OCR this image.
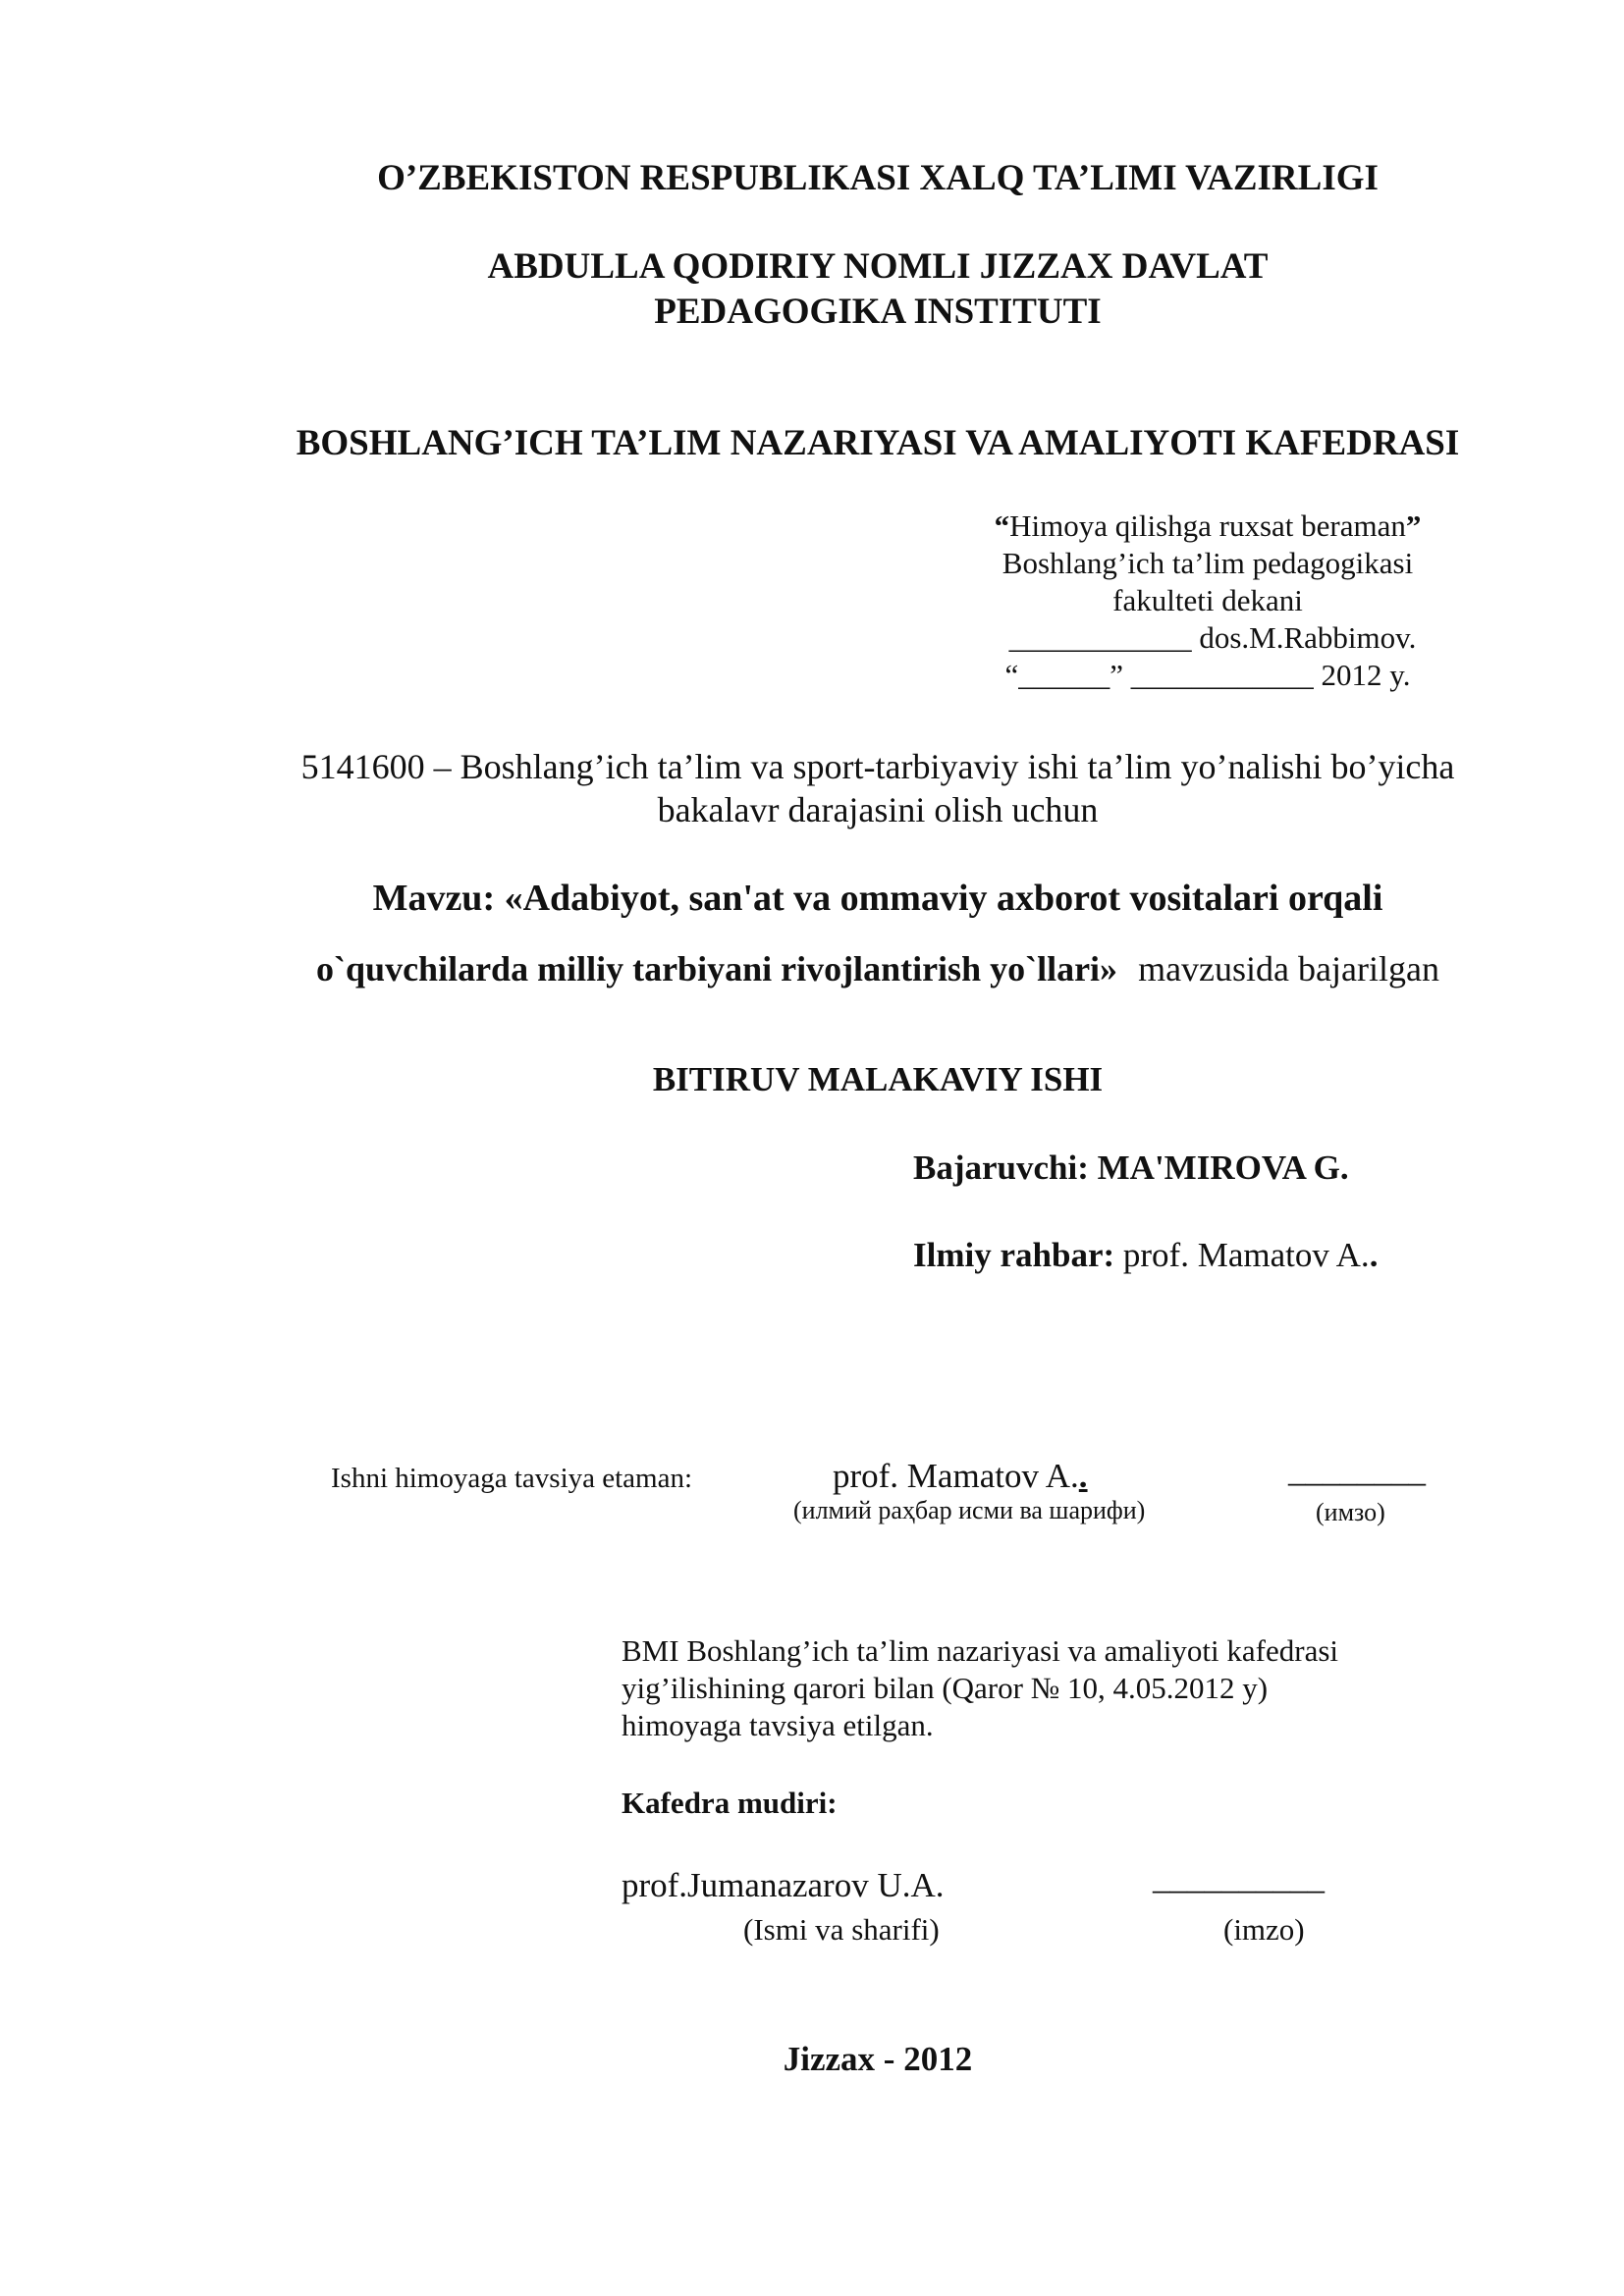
O’ZBEKISTON RESPUBLIKASI XALQ TA’LIMI VAZIRLIGI
ABDULLA QODIRIY NOMLI JIZZAX DAVLAT
PEDAGOGIKA INSTITUTI
BOSHLANG’ICH TA’LIM NAZARIYASI VA AMALIYOTI KAFEDRASI
“Himoya qilishga ruxsat beraman”
Boshlang’ich ta’lim pedagogikasi
fakulteti dekani
____________ dos.M.Rabbimov.
“______” ____________ 2012 y.
5141600 – Boshlang’ich ta’lim va sport-tarbiyaviy ishi ta’lim yo’nalishi bo’yicha
bakalavr darajasini olish uchun
Mavzu: «Adabiyot, san'at va ommaviy axborot vositalari orqali
o`quvchilarda milliy tarbiyani rivojlantirish yo`llari» mavzusida bajarilgan
BITIRUV MALAKAVIY ISHI
Bajaruvchi: MA'MIROVA G.
Ilmiy rahbar: prof. Mamatov A..
Ishni himoyaga tavsiya etaman:	prof. Mamatov A..	________
(илмий раҳбар исми ва шарифи)	(имзо)
BMI Boshlang’ich ta’lim nazariyasi va amaliyoti kafedrasi
yig’ilishining qarori bilan (Qaror № 10, 4.05.2012 y)
himoyaga tavsiya etilgan.
Kafedra mudiri:
prof.Jumanazarov U.A.	__________
(Ismi va sharifi)	(imzo)
Jizzax - 2012
